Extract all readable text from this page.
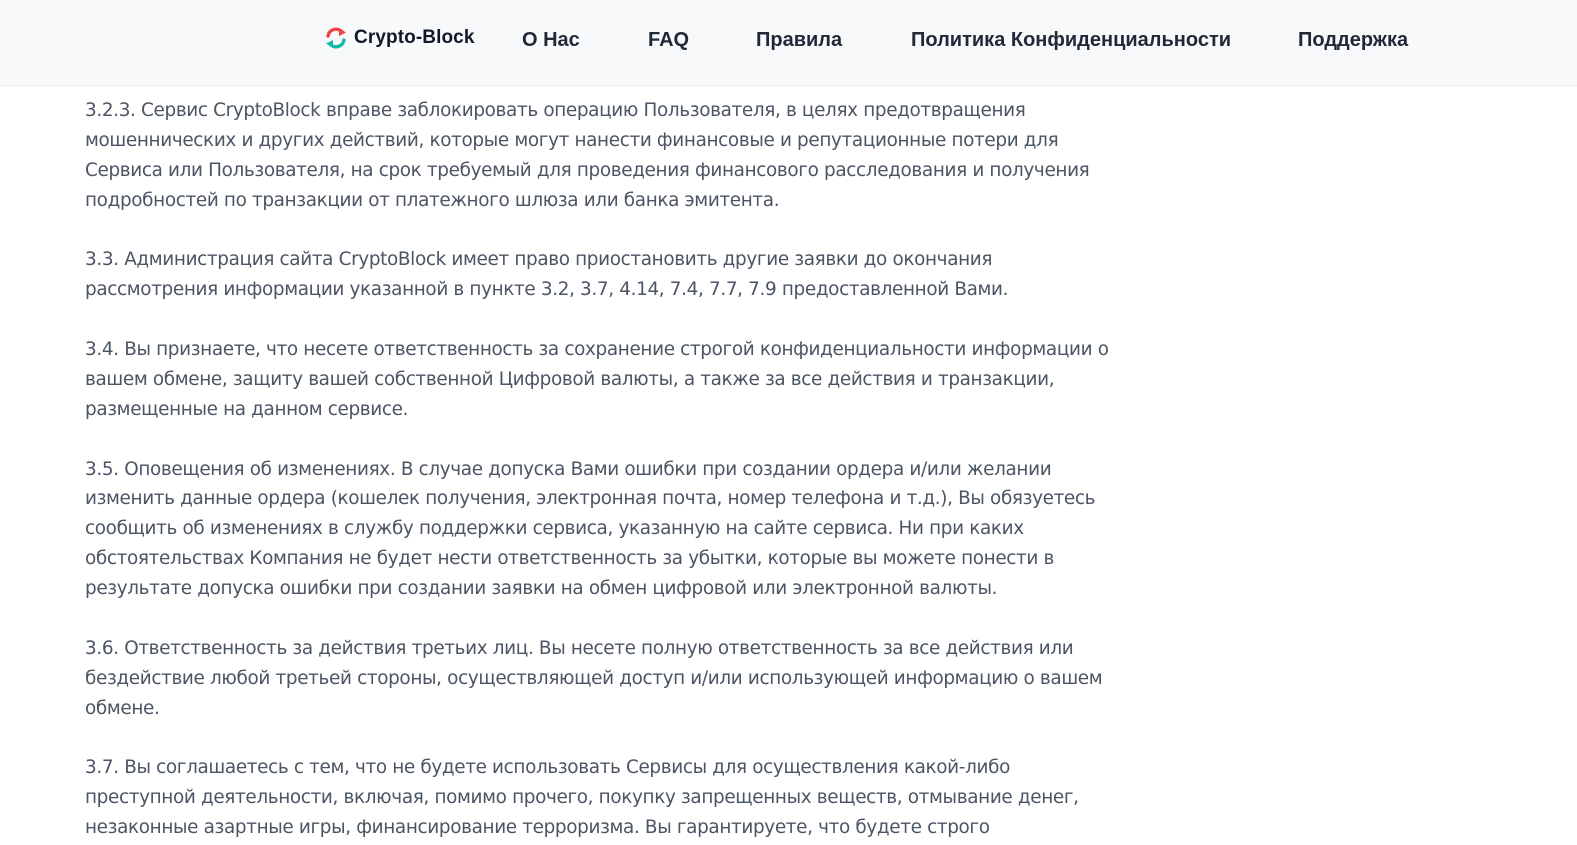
Crypto-Block О Нас	FAQ	Правила	Политика Конфиденциальности	Поддержка

3.2.3. Сервис CryptoBlock вправе заблокировать операцию Пользователя, в целях предотвращения
мошеннических и других действий, которые могут нанести финансовые и репутационные потери для
Сервиса или Пользователя, на срок требуемый для проведения финансового расследования и получения
подробностей по транзакции от платежного шлюза или банка эмитента.

3.3. Администрация сайта CryptoBlock имеет право приостановить другие заявки до окончания
рассмотрения информации указанной в пункте 3.2, 3.7, 4.14, 7.4, 7.7, 7.9 предоставленной Вами.

3.4. Вы признаете, что несете ответственность за сохранение строгой конфиденциальности информации о
вашем обмене, защиту вашей собственной Цифровой валюты, а также за все действия и транзакции,
размещенные на данном сервисе.

3.5. Оповещения об изменениях. В случае допуска Вами ошибки при создании ордера и/или желании
изменить данные ордера (кошелек получения, электронная почта, номер телефона и т.д.), Вы обязуетесь
сообщить об изменениях в службу поддержки сервиса, указанную на сайте сервиса. Ни при каких
обстоятельствах Компания не будет нести ответственность за убытки, которые вы можете понести в
результате допуска ошибки при создании заявки на обмен цифровой или электронной валюты.

3.6. Ответственность за действия третьих лиц. Вы несете полную ответственность за все действия или
бездействие любой третьей стороны, осуществляющей доступ и/или использующей информацию о вашем
обмене.

3.7. Вы соглашаетесь с тем, что не будете использовать Сервисы для осуществления какой-либо
преступной деятельности, включая, помимо прочего, покупку запрещенных веществ, отмывание денег,
незаконные азартные игры, финансирование терроризма. Вы гарантируете, что будете строго
